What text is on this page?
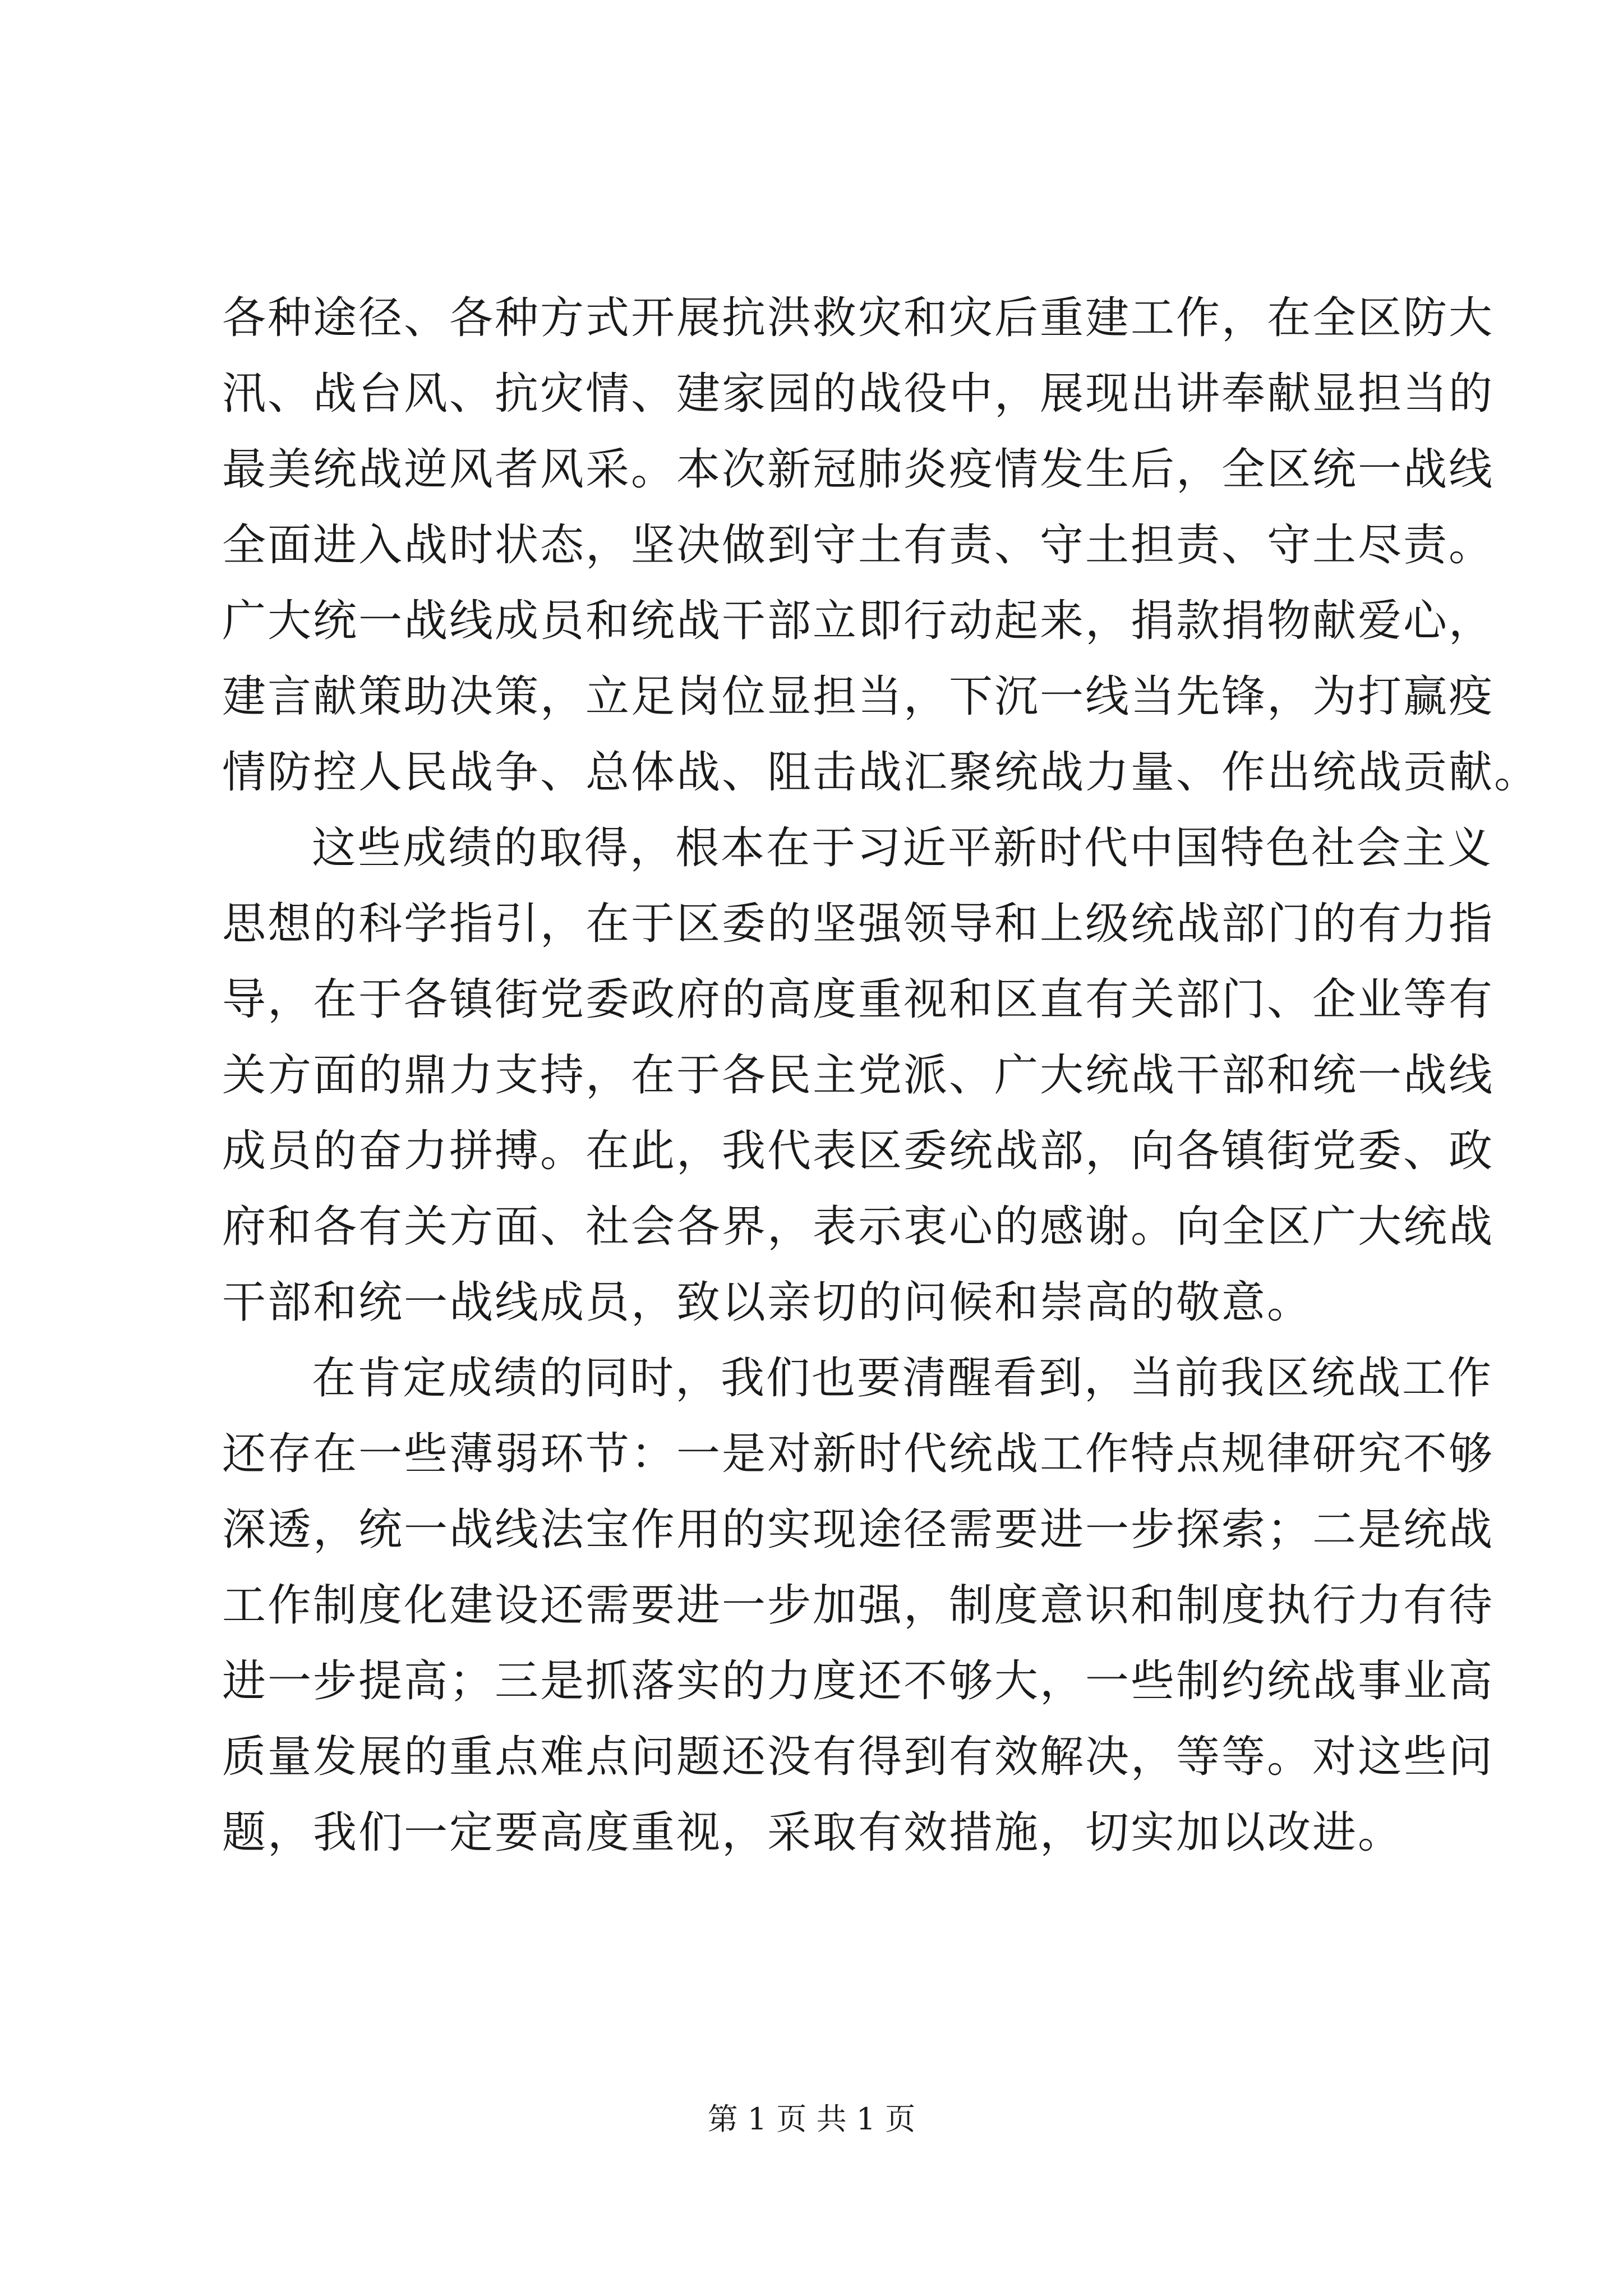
各种途径、各种方式开展抗洪救灾和灾后重建工作，在全区防大
汛、战台风、抗灾情、建家园的战役中，展现出讲奉献显担当的
最美统战逆风者风采。本次新冠肺炎疫情发生后，全区统一战线
全面进入战时状态，坚决做到守土有责、守土担责、守土尽责。
广大统一战线成员和统战干部立即行动起来，捐款捐物献爱心，
建言献策助决策，立足岗位显担当，下沉一线当先锋，为打赢疫
情防控人民战争、总体战、阻击战汇聚统战力量、作出统战贡献。
这些成绩的取得，根本在于习近平新时代中国特色社会主义
思想的科学指引，在于区委的坚强领导和上级统战部门的有力指
导，在于各镇街党委政府的高度重视和区直有关部门、企业等有
关方面的鼎力支持，在于各民主党派、广大统战干部和统一战线
成员的奋力拼搏。在此，我代表区委统战部，向各镇街党委、政
府和各有关方面、社会各界，表示衷心的感谢。向全区广大统战
干部和统一战线成员，致以亲切的问候和崇高的敬意。
在肯定成绩的同时，我们也要清醒看到，当前我区统战工作
还存在一些薄弱环节：一是对新时代统战工作特点规律研究不够
深透，统一战线法宝作用的实现途径需要进一步探索；二是统战
工作制度化建设还需要进一步加强，制度意识和制度执行力有待
进一步提高；三是抓落实的力度还不够大，一些制约统战事业高
质量发展的重点难点问题还没有得到有效解决，等等。对这些问
题，我们一定要高度重视，采取有效措施，切实加以改进。
第 1 页 共 1 页
